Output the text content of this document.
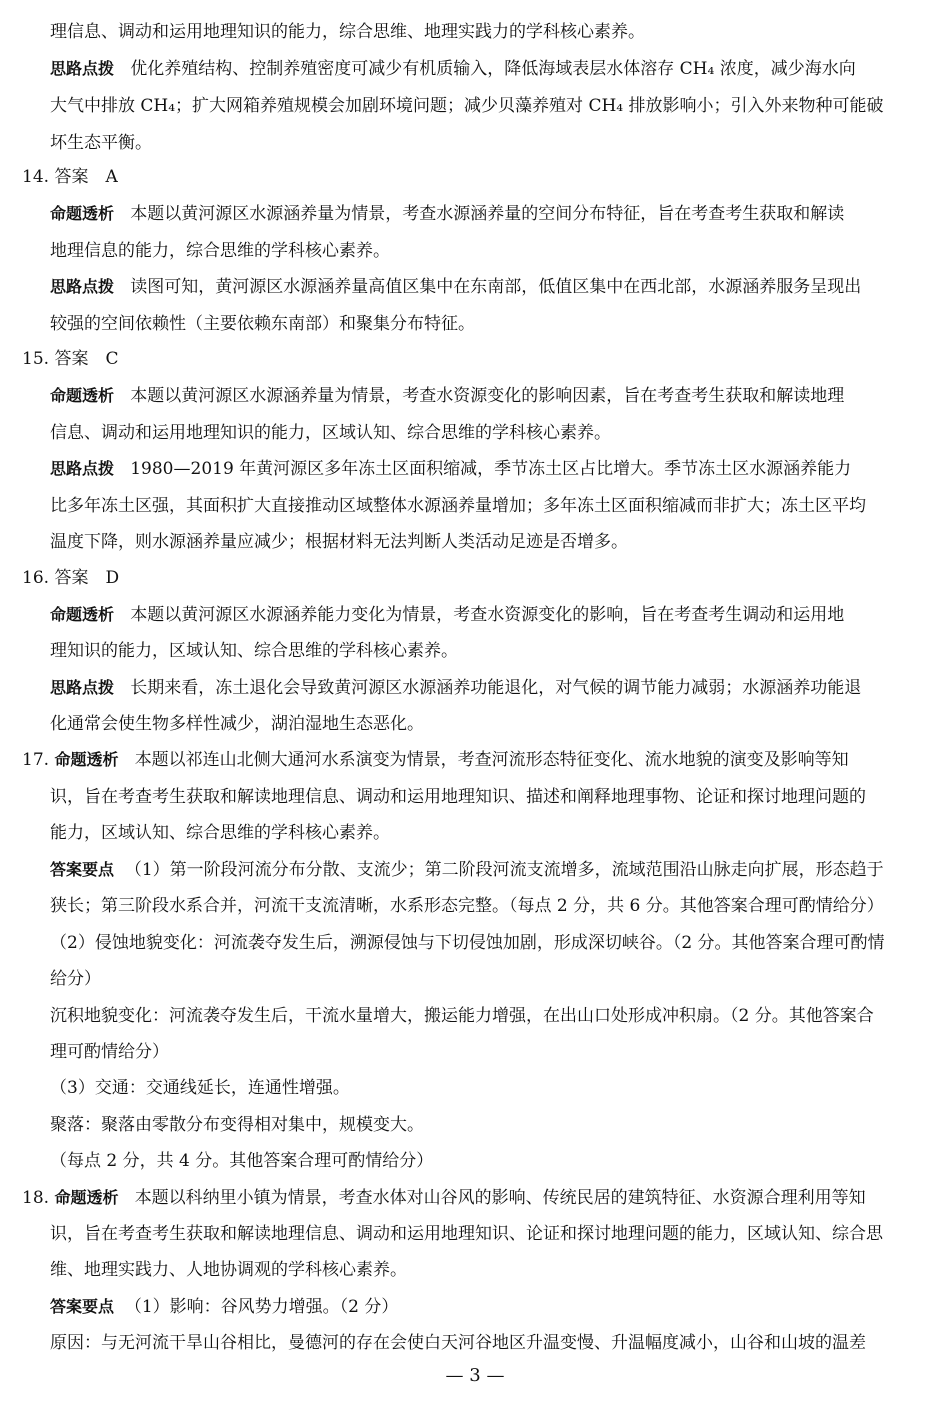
理信息、调动和运用地理知识的能力，综合思维、地理实践力的学科核心素养。
思路点拨 优化养殖结构、控制养殖密度可减少有机质输入，降低海域表层水体溶存 CH₄ 浓度，减少海水向
大气中排放 CH₄；扩大网箱养殖规模会加剧环境问题；减少贝藻养殖对 CH₄ 排放影响小；引入外来物种可能破
坏生态平衡。
14. 答案　A
命题透析 本题以黄河源区水源涵养量为情景，考查水源涵养量的空间分布特征，旨在考查考生获取和解读
地理信息的能力，综合思维的学科核心素养。
思路点拨 读图可知，黄河源区水源涵养量高值区集中在东南部，低值区集中在西北部，水源涵养服务呈现出
较强的空间依赖性（主要依赖东南部）和聚集分布特征。
15. 答案　C
命题透析 本题以黄河源区水源涵养量为情景，考查水资源变化的影响因素，旨在考查考生获取和解读地理
信息、调动和运用地理知识的能力，区域认知、综合思维的学科核心素养。
思路点拨 1980—2019 年黄河源区多年冻土区面积缩减，季节冻土区占比增大。季节冻土区水源涵养能力
比多年冻土区强，其面积扩大直接推动区域整体水源涵养量增加；多年冻土区面积缩减而非扩大；冻土区平均
温度下降，则水源涵养量应减少；根据材料无法判断人类活动足迹是否增多。
16. 答案　D
命题透析 本题以黄河源区水源涵养能力变化为情景，考查水资源变化的影响，旨在考查考生调动和运用地
理知识的能力，区域认知、综合思维的学科核心素养。
思路点拨 长期来看，冻土退化会导致黄河源区水源涵养功能退化，对气候的调节能力减弱；水源涵养功能退
化通常会使生物多样性减少，湖泊湿地生态恶化。
17. 命题透析 本题以祁连山北侧大通河水系演变为情景，考查河流形态特征变化、流水地貌的演变及影响等知
识，旨在考查考生获取和解读地理信息、调动和运用地理知识、描述和阐释地理事物、论证和探讨地理问题的
能力，区域认知、综合思维的学科核心素养。
答案要点 （1）第一阶段河流分布分散、支流少；第二阶段河流支流增多，流域范围沿山脉走向扩展，形态趋于
狭长；第三阶段水系合并，河流干支流清晰，水系形态完整。（每点 2 分，共 6 分。其他答案合理可酌情给分）
（2）侵蚀地貌变化：河流袭夺发生后，溯源侵蚀与下切侵蚀加剧，形成深切峡谷。（2 分。其他答案合理可酌情
给分）
沉积地貌变化：河流袭夺发生后，干流水量增大，搬运能力增强，在出山口处形成冲积扇。（2 分。其他答案合
理可酌情给分）
（3）交通：交通线延长，连通性增强。
聚落：聚落由零散分布变得相对集中，规模变大。
（每点 2 分，共 4 分。其他答案合理可酌情给分）
18. 命题透析 本题以科纳里小镇为情景，考查水体对山谷风的影响、传统民居的建筑特征、水资源合理利用等知
识，旨在考查考生获取和解读地理信息、调动和运用地理知识、论证和探讨地理问题的能力，区域认知、综合思
维、地理实践力、人地协调观的学科核心素养。
答案要点 （1）影响：谷风势力增强。（2 分）
原因：与无河流干旱山谷相比，曼德河的存在会使白天河谷地区升温变慢、升温幅度减小，山谷和山坡的温差
— 3 —
